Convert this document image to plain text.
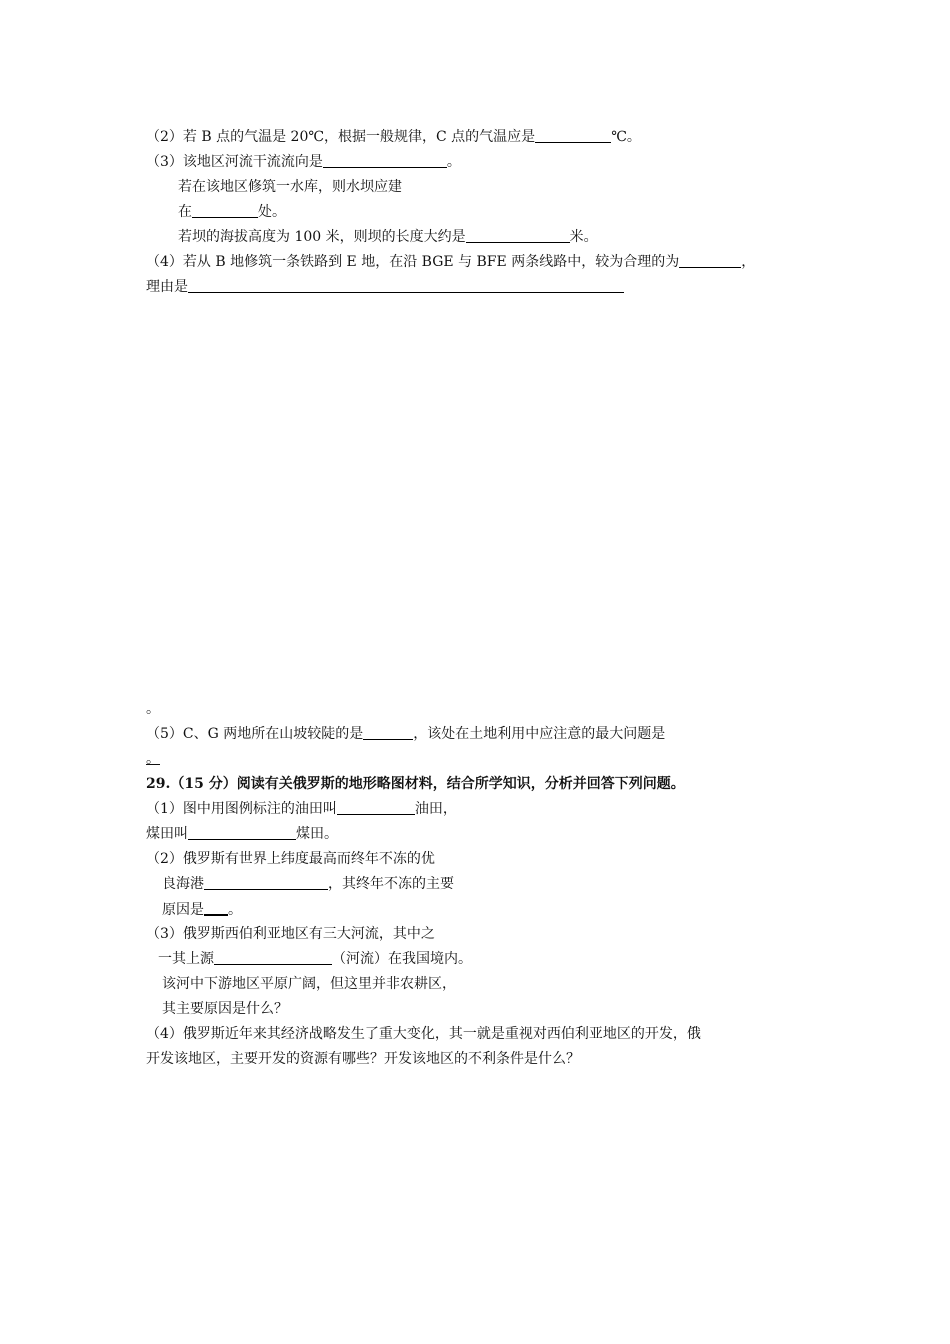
（2）若 B 点的气温是 20℃，根据一般规律，C 点的气温应是	℃。
（3）该地区河流干流流向是	。
若在该地区修筑一水库，则水坝应建
在	处。
若坝的海拔高度为 100 米，则坝的长度大约是	米。
（4）若从 B 地修筑一条铁路到 E 地，在沿 BGE 与 BFE 两条线路中，较为合理的为	，
理由是
。
（5）C、G 两地所在山坡较陡的是	，该处在土地利用中应注意的最大问题是
。
29.（15 分）阅读有关俄罗斯的地形略图材料，结合所学知识，分析并回答下列问题。
（1）图中用图例标注的油田叫	油田，
煤田叫	煤田。
（2）俄罗斯有世界上纬度最高而终年不冻的优
良海港	，其终年不冻的主要
原因是 。
（3）俄罗斯西伯利亚地区有三大河流，其中之
一其上源	（河流）在我国境内。
该河中下游地区平原广阔，但这里并非农耕区，
其主要原因是什么？
（4）俄罗斯近年来其经济战略发生了重大变化，其一就是重视对西伯利亚地区的开发，俄
开发该地区，主要开发的资源有哪些？开发该地区的不利条件是什么？
